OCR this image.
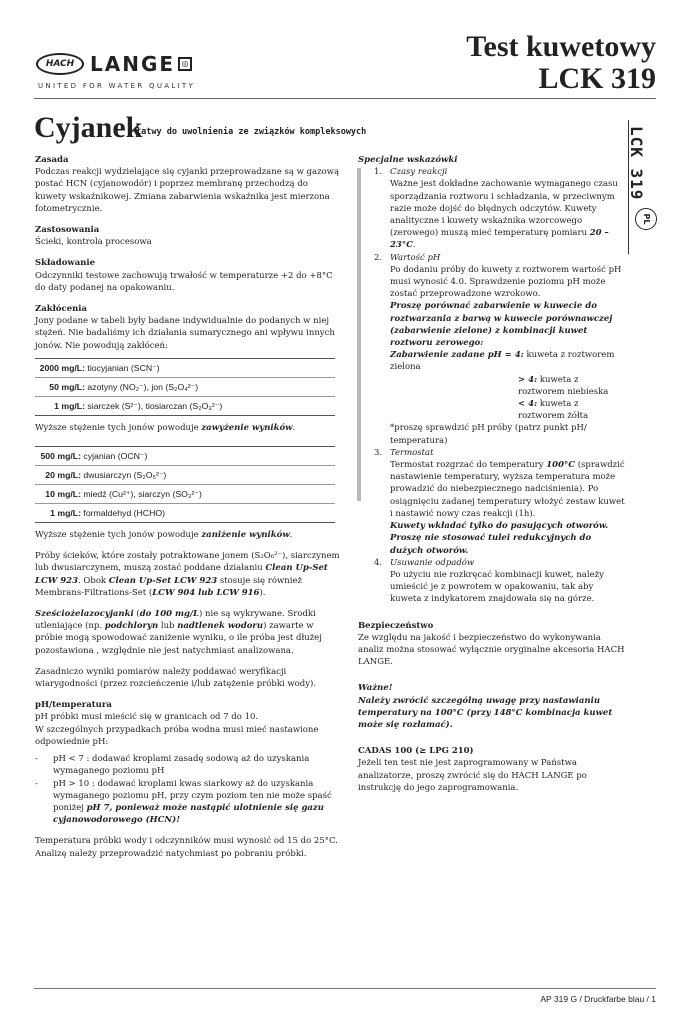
HACH LANGE ◎
UNITED FOR WATER QUALITY
Test kuwetowy
LCK 319
LCK 319
PL
Cyjanek
łatwy do uwolnienia ze związków kompleksowych

Zasada

Podczas reakcji wydzielające się cyjanki przeprowadzane są w gazową postać HCN (cyjanowodór) i poprzez membranę przechodzą do kuwety wskaźnikowej. Zmiana zabarwienia wskaźnika jest mierzona fotometrycznie.

Zastosowania

Ścieki, kontrola procesowa

Składowanie

Odczynniki testowe zachowują trwałość w temperaturze +2 do +8°C do daty podanej na opakowaniu.

Zakłócenia

Jony podane w tabeli były badane indywidualnie do podanych w niej stężeń. Nie badaliśmy ich działania sumarycznego ani wpływu innych jonów. Nie powodują zakłóceń:

2000 mg/L: tiocyjanian (SCN⁻)
50 mg/L: azotyny (NO₂⁻), jon (S₂O₄²⁻)
1 mg/L: siarczek (S²⁻), tiosiarczan (S₂O₃²⁻)

Wyższe stężenie tych jonów powoduje zawyżenie wyników.

500 mg/L: cyjanian (OCN⁻)
20 mg/L: dwusiarczyn (S₂O₅²⁻)
10 mg/L: miedź (Cu²⁺), siarczyn (SO₃²⁻)
1 mg/L: formaldehyd (HCHO)

Wyższe stężenie tych jonów powoduje zaniżenie wyników.

Próby ścieków, które zostały potraktowane jonem (S₂O₆²⁻), siarczynem lub dwusiarczynem, muszą zostać poddane działaniu Clean Up-Set LCW 923. Obok Clean Up-Set LCW 923 stosuje się również Membrans-Filtrations-Set (LCW 904 lub LCW 916).

Sześciożelazocyjanki (do 100 mg/L) nie są wykrywane. Srodki utleniające (np. podchloryn lub nadtlenek wodoru) zawarte w próbie mogą spowodować zaniżenie wyniku, o ile próba jest dłużej pozostawiona , względnie nie jest natychmiast analizowana.

Zasadniczo wyniki pomiarów należy poddawać weryfikacji wiarygodności (przez rozcieńczenie i/lub zatężenie próbki wody).

pH/temperatura

pH próbki musi mieścić się w granicach od 7 do 10.

W szczególnych przypadkach próba wodna musi mieć nastawione odpowiednie pH:

- pH < 7 : dodawać kroplami zasadę sodową aż do uzyskania wymaganego poziomu pH
- pH > 10 : dodawać kroplami kwas siarkowy aż do uzyskania wymaganego poziomu pH, przy czym poziom ten nie może spaść poniżej pH 7, ponieważ może nastąpić ulotnienie się gazu cyjanowodorowego (HCN)!

Temperatura próbki wody i odczynników musi wynosić od 15 do 25°C. Analizę należy przeprowadzić natychmiast po pobraniu próbki.

Specjalne wskazówki

1. Czasy reakcji

Ważne jest dokładne zachowanie wymaganego czasu sporządzania roztworu i schładzania, w przeciwnym razie może dojść do błędnych odczytów. Kuwety analityczne i kuwety wskaźnika wzorcowego (zerowego) muszą mieć temperaturę pomiaru 20 – 23°C.

2. Wartość pH

Po dodaniu próby do kuwety z roztworem wartość pH musi wynosić 4.0. Sprawdzenie poziomu pH może zostać przeprowadzone wzrokowo.

Proszę porównać zabarwienie w kuwecie do roztwarzania z barwą w kuwecie porównawczej (zabarwienie zielone) z kombinacji kuwet roztworu zerowego:

Zabarwienie zadane pH = 4: kuweta z roztworem zielona

> 4: kuweta z roztworem niebieska

< 4: kuweta z roztworem żółta

*proszę sprawdzić pH próby (patrz punkt pH/ temperatura)

3. Termostat

Termostat rozgrzać do temperatury 100°C (sprawdzić nastawienie temperatury, wyższa temperatura może prowadzić do niebezpiecznego nadciśnienia). Po osiągnięciu zadanej temperatury włożyć zestaw kuwet i nastawić nowy czas reakcji (1h).

Kuwety wkładać tylko do pasujących otworów. Proszę nie stosować tulei redukcyjnych do dużych otworów.

4. Usuwanie odpadów

Po użyciu nie rozkręcać kombinacji kuwet, należy umieścić je z powrotem w opakowaniu, tak aby kuweta z indykatorem znajdowała się na górze.

Bezpieczeństwo

Ze względu na jakość i bezpieczeństwo do wykonywania analiz można stosować wyłącznie oryginalne akcesoria HACH LANGE.

Ważne!

Należy zwrócić szczególną uwagę przy nastawianiu temperatury na 100°C (przy 148°C kombinacja kuwet może się rozłamać).

CADAS 100 (≥ LPG 210)

Jeżeli ten test nie jest zaprogramowany w Państwa analizatorze, proszę zwrócić się do HACH LANGE po instrukcję do jego zaprogramowania.

AP 319 G / Druckfarbe blau / 1
